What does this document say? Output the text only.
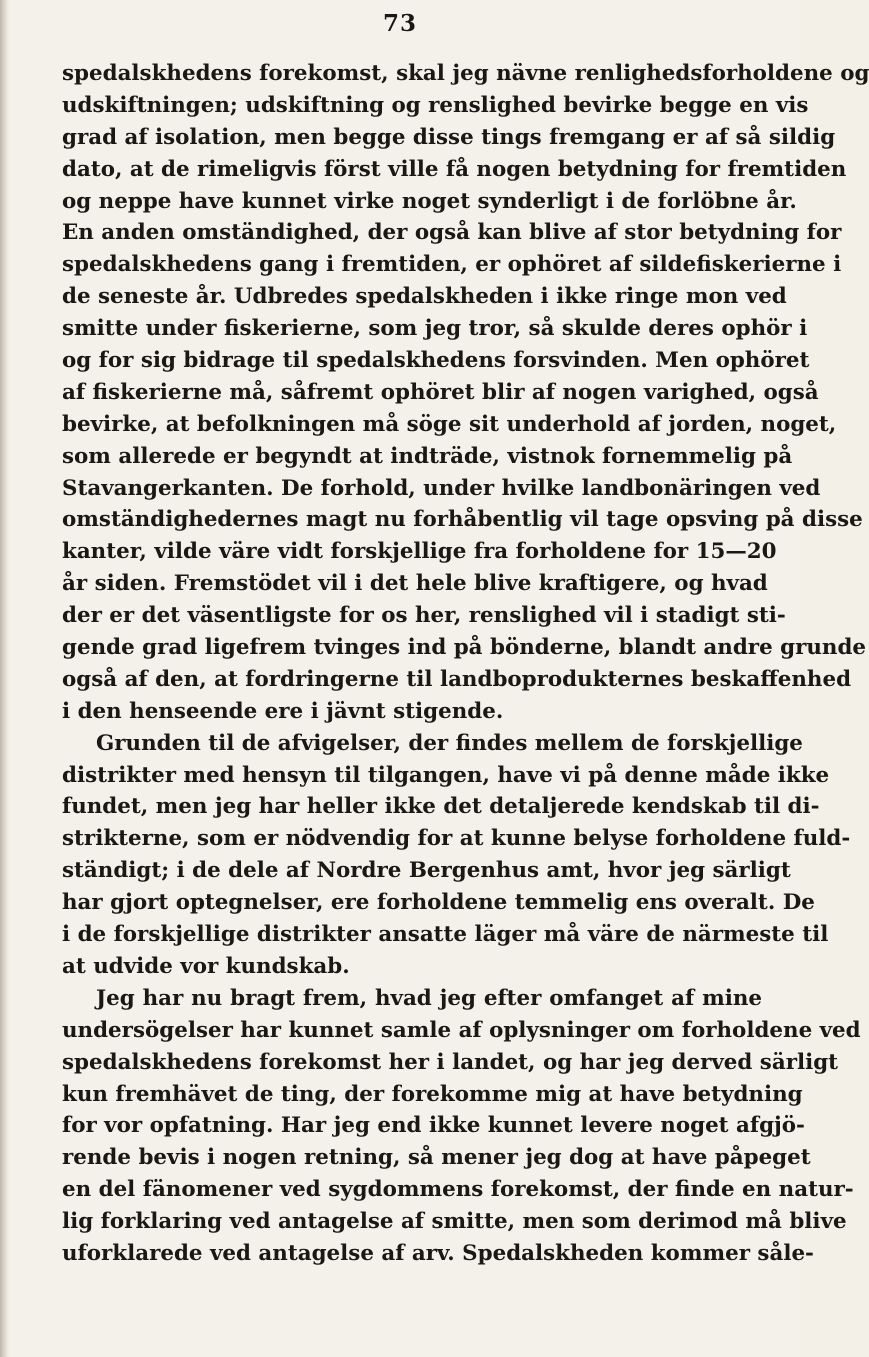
73
spedalskhedens forekomst, skal jeg nävne renlighedsforholdene og
udskiftningen; udskiftning og renslighed bevirke begge en vis
grad af isolation, men begge disse tings fremgang er af så sildig
dato, at de rimeligvis först ville få nogen betydning for fremtiden
og neppe have kunnet virke noget synderligt i de forlöbne år.
En anden omständighed, der også kan blive af stor betydning for
spedalskhedens gang i fremtiden, er ophöret af sildefiskerierne i
de seneste år. Udbredes spedalskheden i ikke ringe mon ved
smitte under fiskerierne, som jeg tror, så skulde deres ophör i
og for sig bidrage til spedalskhedens forsvinden. Men ophöret
af fiskerierne må, såfremt ophöret blir af nogen varighed, også
bevirke, at befolkningen må söge sit underhold af jorden, noget,
som allerede er begyndt at indträde, vistnok fornemmelig på
Stavangerkanten. De forhold, under hvilke landbonäringen ved
omständighedernes magt nu forhåbentlig vil tage opsving på disse
kanter, vilde väre vidt forskjellige fra forholdene for 15—20
år siden. Fremstödet vil i det hele blive kraftigere, og hvad
der er det väsentligste for os her, renslighed vil i stadigt sti-
gende grad ligefrem tvinges ind på bönderne, blandt andre grunde
også af den, at fordringerne til landboprodukternes beskaffenhed
i den henseende ere i jävnt stigende.
Grunden til de afvigelser, der findes mellem de forskjellige
distrikter med hensyn til tilgangen, have vi på denne måde ikke
fundet, men jeg har heller ikke det detaljerede kendskab til di-
strikterne, som er nödvendig for at kunne belyse forholdene fuld-
ständigt; i de dele af Nordre Bergenhus amt, hvor jeg särligt
har gjort optegnelser, ere forholdene temmelig ens overalt. De
i de forskjellige distrikter ansatte läger må väre de närmeste til
at udvide vor kundskab.
Jeg har nu bragt frem, hvad jeg efter omfanget af mine
undersögelser har kunnet samle af oplysninger om forholdene ved
spedalskhedens forekomst her i landet, og har jeg derved särligt
kun fremhävet de ting, der forekomme mig at have betydning
for vor opfatning. Har jeg end ikke kunnet levere noget afgjö-
rende bevis i nogen retning, så mener jeg dog at have påpeget
en del fänomener ved sygdommens forekomst, der finde en natur-
lig forklaring ved antagelse af smitte, men som derimod må blive
uforklarede ved antagelse af arv. Spedalskheden kommer såle-
